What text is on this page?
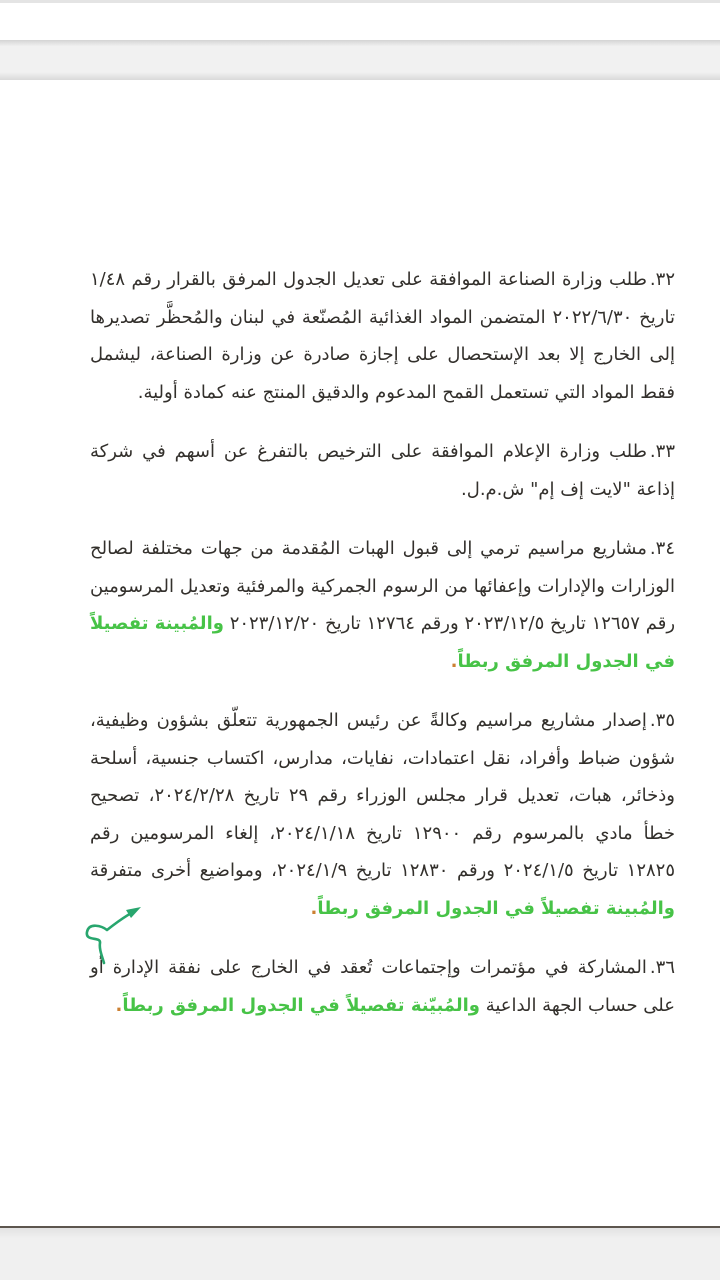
٣٢.طلب وزارة الصناعة الموافقة على تعديل الجدول المرفق بالقرار رقم ١/٤٨ تاريخ ٢٠٢٢/٦/٣٠ المتضمن المواد الغذائية المُصنّعة في لبنان والمُحظَّر تصديرها إلى الخارج إلا بعد الإستحصال على إجازة صادرة عن وزارة الصناعة، ليشمل فقط المواد التي تستعمل القمح المدعوم والدقيق المنتج عنه كمادة أولية.

٣٣.طلب وزارة الإعلام الموافقة على الترخيص بالتفرغ عن أسهم في شركة إذاعة "لايت إف إم" ش.م.ل.

٣٤.مشاريع مراسيم ترمي إلى قبول الهبات المُقدمة من جهات مختلفة لصالح الوزارات والإدارات وإعفائها من الرسوم الجمركية والمرفئية وتعديل المرسومين رقم ١٢٦٥٧ تاريخ ٢٠٢٣/١٢/٥ ورقم ١٢٧٦٤ تاريخ ٢٠٢٣/١٢/٢٠ والمُبينة تفصيلاً في الجدول المرفق ربطاً.

٣٥.إصدار مشاريع مراسيم وكالةً عن رئيس الجمهورية تتعلّق بشؤون وظيفية، شؤون ضباط وأفراد، نقل اعتمادات، نفايات، مدارس، اكتساب جنسية، أسلحة وذخائر، هبات، تعديل قرار مجلس الوزراء رقم ٢٩ تاريخ ٢٠٢٤/٢/٢٨، تصحيح خطأ مادي بالمرسوم رقم ١٢٩٠٠ تاريخ ٢٠٢٤/١/١٨، إلغاء المرسومين رقم ١٢٨٢٥ تاريخ ٢٠٢٤/١/٥ ورقم ١٢٨٣٠ تاريخ ٢٠٢٤/١/٩، ومواضيع أخرى متفرقة والمُبينة تفصيلاً في الجدول المرفق ربطاً.

٣٦.المشاركة في مؤتمرات وإجتماعات تُعقد في الخارج على نفقة الإدارة أو على حساب الجهة الداعية والمُبيّنة تفصيلاً في الجدول المرفق ربطاً.
